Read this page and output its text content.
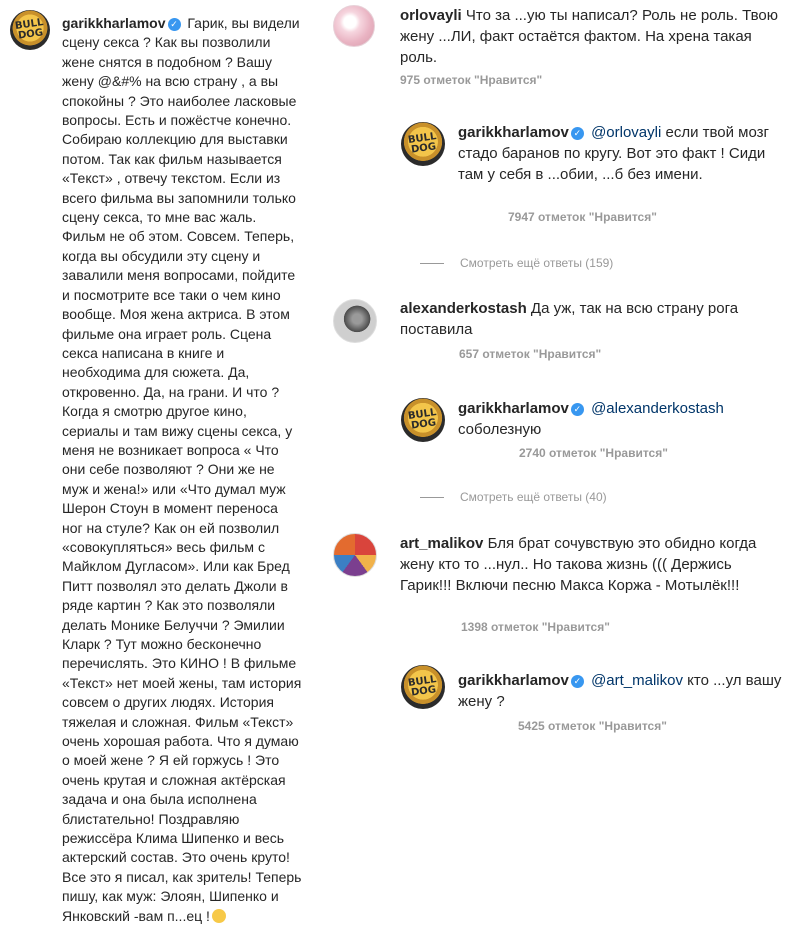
BULL DOG
garikkharlamov ✓ Гарик, вы видели сцену секса ? Как вы позволили жене снятся в подобном ? Вашу жену @&#% на всю страну , а вы спокойны ? Это наиболее ласковые вопросы. Есть и пожёстче конечно. Собираю коллекцию для выставки потом. Так как фильм называется «Текст» , отвечу текстом. Если из всего фильма вы запомнили только сцену секса, то мне вас жаль. Фильм не об этом. Совсем. Теперь, когда вы обсудили эту сцену и завалили меня вопросами, пойдите и посмотрите все таки о чем кино вообще. Моя жена актриса. В этом фильме она играет роль. Сцена секса написана в книге и необходима для сюжета. Да, откровенно. Да, на грани. И что ? Когда я смотрю другое кино, сериалы и там вижу сцены секса, у меня не возникает вопроса « Что они себе позволяют ? Они же не муж и жена!» или «Что думал муж Шерон Стоун в момент переноса ног на стуле? Как он ей позволил «совокупляться» весь фильм с Майклом Дугласом». Или как Бред Питт позволял это делать Джоли в ряде картин ? Как это позволяли делать Монике Белуччи ? Эмилии Кларк ? Тут можно бесконечно перечислять. Это КИНО ! В фильме «Текст» нет моей жены, там история совсем о других людях. История тяжелая и сложная. Фильм «Текст» очень хорошая работа. Что я думаю о моей жене ? Я ей горжусь ! Это очень крутая и сложная актёрская задача и она была исполнена блистательно! Поздравляю режиссёра Клима Шипенко и весь актерский состав. Это очень круто! Все это я писал, как зритель! Теперь пишу, как муж: Элоян, Шипенко и Янковский -вам п...ец !
orlovayli Что за ...ую ты написал? Роль не роль. Твою жену ...ЛИ, факт остаётся фактом. На хрена такая роль.
975 отметок "Нравится"
BULL DOG
garikkharlamov ✓ @orlovayli если твой мозг стадо баранов по кругу. Вот это факт ! Сиди там у себя в ...обии, ...б без имени.
7947 отметок "Нравится"
Смотреть ещё ответы (159)
alexanderkostash Да уж, так на всю страну рога поставила
657 отметок "Нравится"
BULL DOG
garikkharlamov ✓ @alexanderkostash соболезную
2740 отметок "Нравится"
Смотреть ещё ответы (40)
art_malikov Бля брат сочувствую это обидно когда жену кто то ...нул.. Но такова жизнь ((( Держись Гарик!!! Включи песню Макса Коржа - Мотылёк!!!
1398 отметок "Нравится"
BULL DOG
garikkharlamov ✓ @art_malikov кто ...ул вашу жену ?
5425 отметок "Нравится"
